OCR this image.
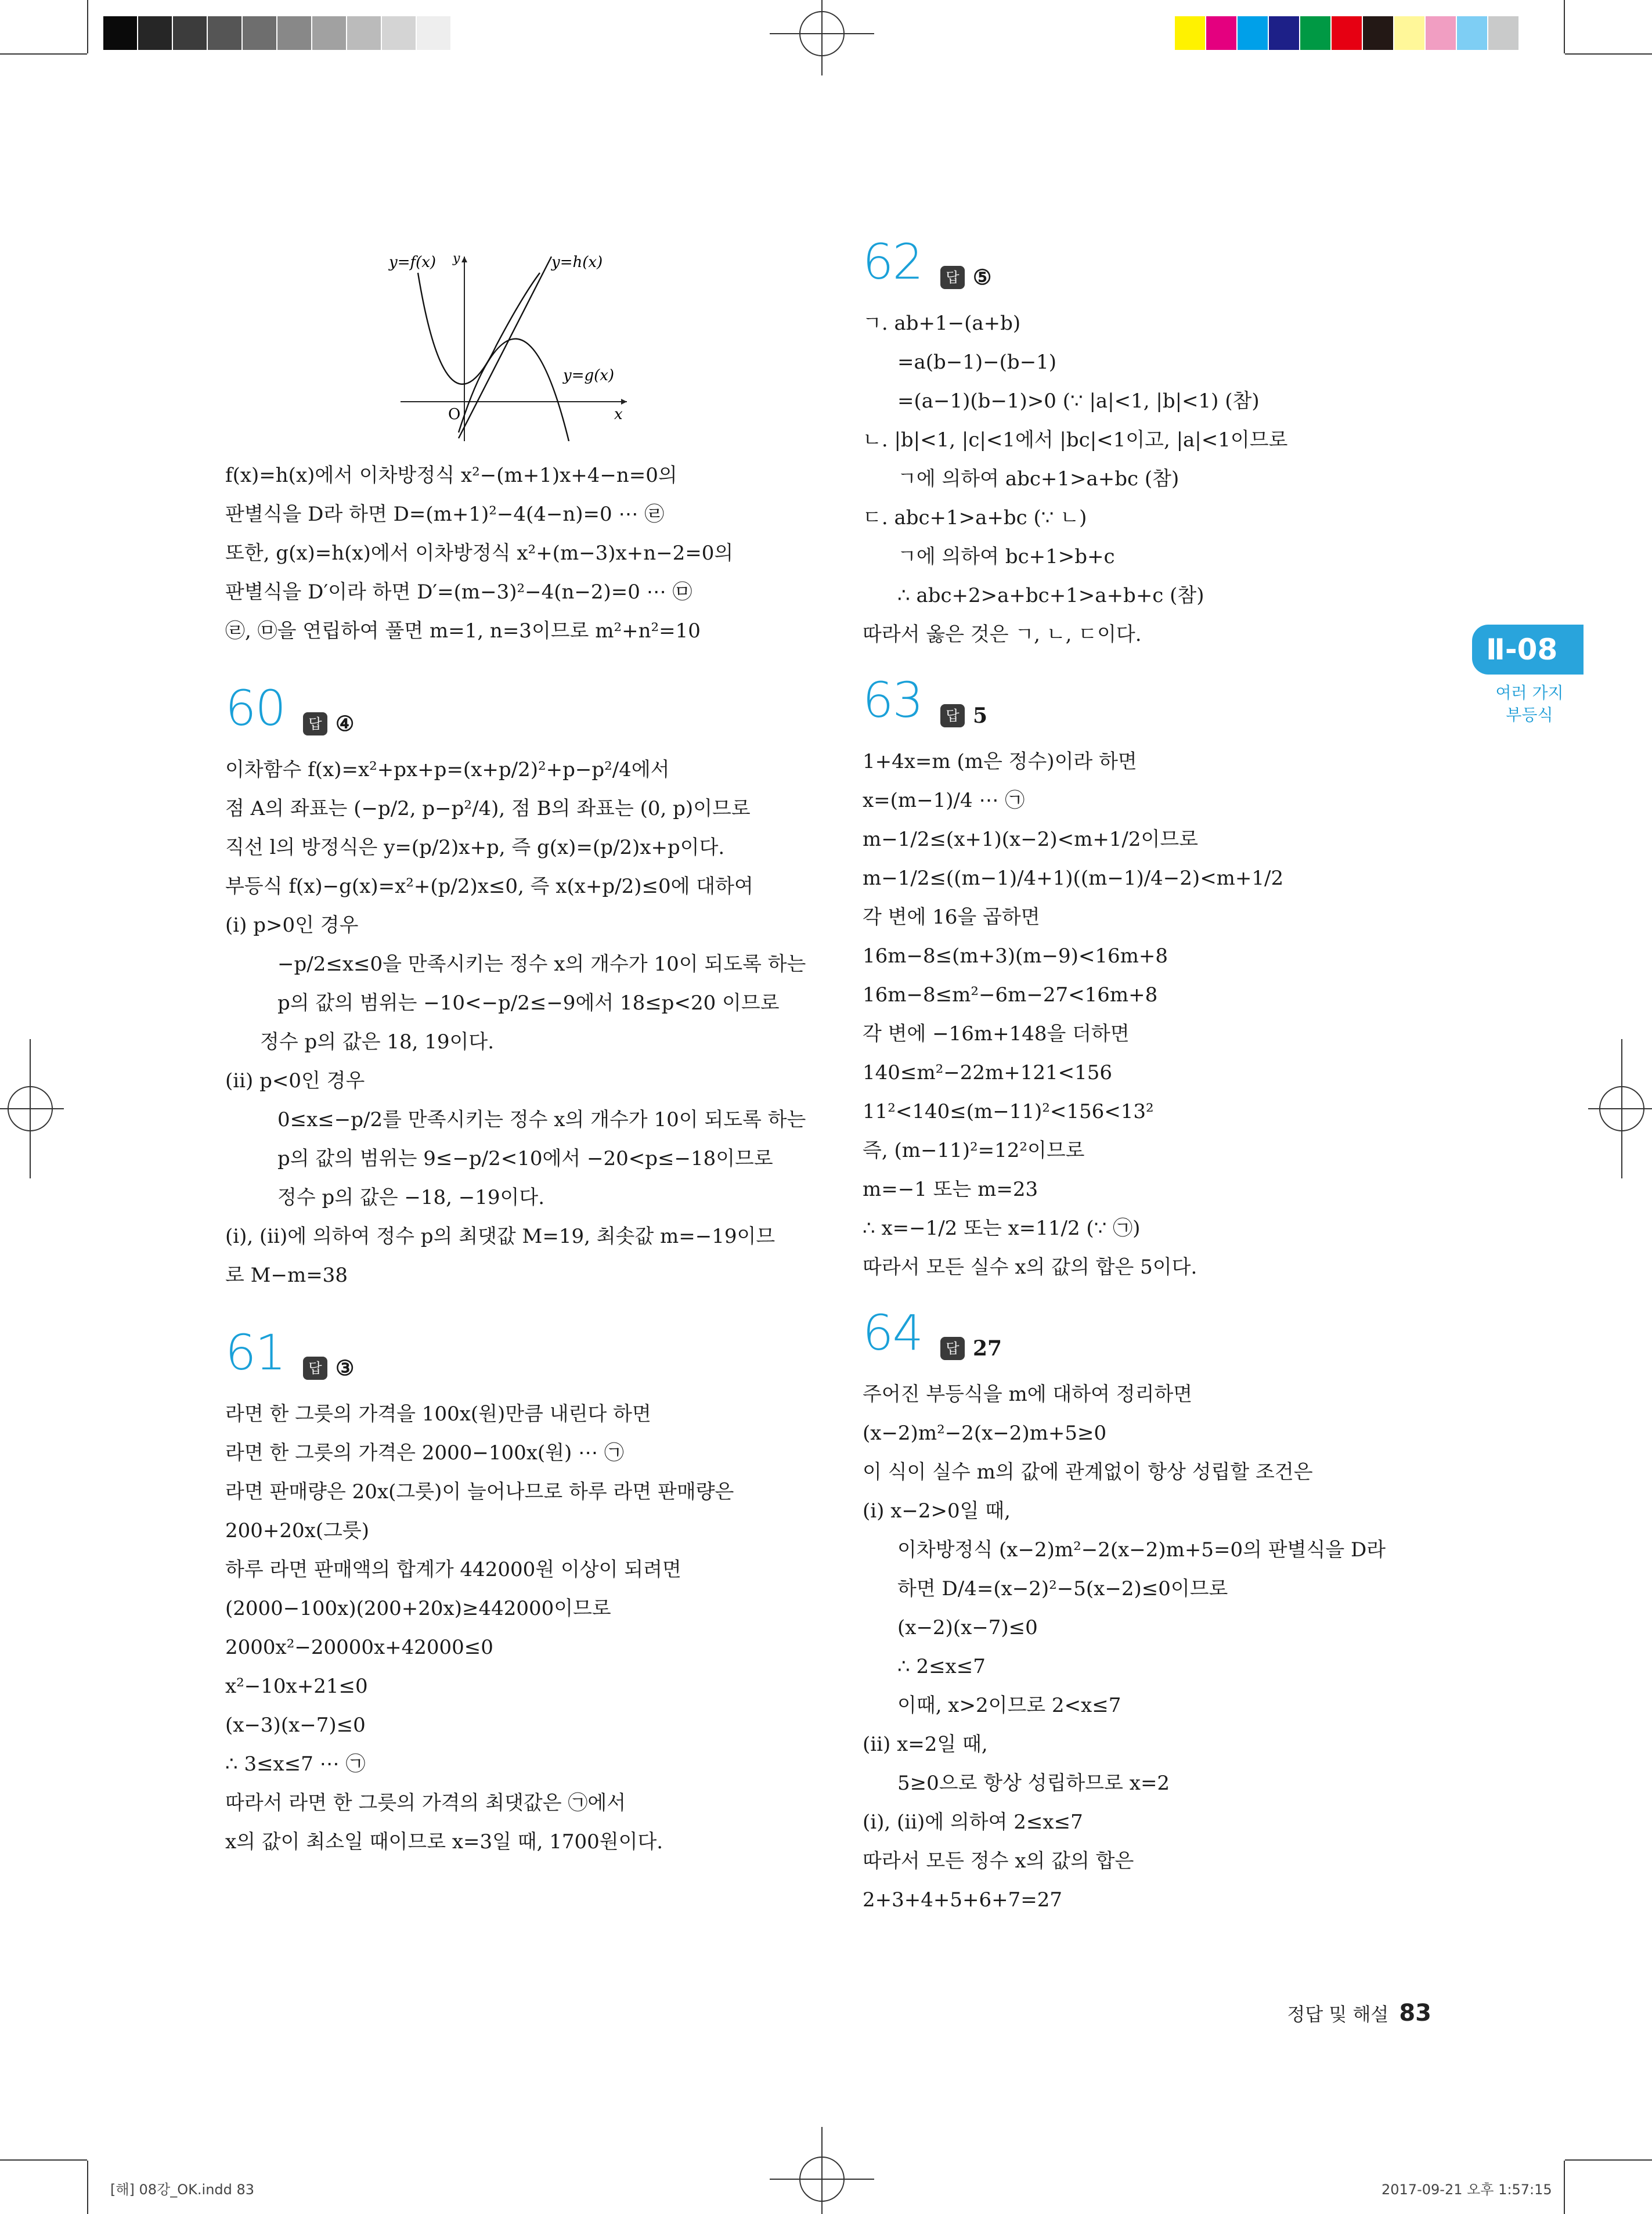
y=f(x) y	y=h(x)
y=g(x)
O	x
f(x)=h(x)에서 이차방정식 x²−(m+1)x+4−n=0의
판별식을 D라 하면 D=(m+1)²−4(4−n)=0 ⋯ ㉣
또한, g(x)=h(x)에서 이차방정식 x²+(m−3)x+n−2=0의
판별식을 D′이라 하면 D′=(m−3)²−4(n−2)=0 ⋯ ㉤
㉣, ㉤을 연립하여 풀면 m=1, n=3이므로 m²+n²=10
60	답 ④
이차함수 f(x)=x²+px+p=(x+p/2)²+p−p²/4에서
점 A의 좌표는 (−p/2, p−p²/4), 점 B의 좌표는 (0, p)이므로
직선 l의 방정식은 y=(p/2)x+p, 즉 g(x)=(p/2)x+p이다.
부등식 f(x)−g(x)=x²+(p/2)x≤0, 즉 x(x+p/2)≤0에 대하여
(ⅰ) p>0인 경우
−p/2≤x≤0을 만족시키는 정수 x의 개수가 10이 되도록 하는
p의 값의 범위는 −10<−p/2≤−9에서 18≤p<20 이므로
정수 p의 값은 18, 19이다.
(ⅱ) p<0인 경우
0≤x≤−p/2를 만족시키는 정수 x의 개수가 10이 되도록 하는
p의 값의 범위는 9≤−p/2<10에서 −20<p≤−18이므로
정수 p의 값은 −18, −19이다.
(ⅰ), (ⅱ)에 의하여 정수 p의 최댓값 M=19, 최솟값 m=−19이므
로 M−m=38
61	답 ③
라면 한 그릇의 가격을 100x(원)만큼 내린다 하면
라면 한 그릇의 가격은 2000−100x(원) ⋯ ㉠
라면 판매량은 20x(그릇)이 늘어나므로 하루 라면 판매량은
200+20x(그릇)
하루 라면 판매액의 합계가 442000원 이상이 되려면
(2000−100x)(200+20x)≥442000이므로
2000x²−20000x+42000≤0
x²−10x+21≤0
(x−3)(x−7)≤0
∴ 3≤x≤7 ⋯ ㉠
따라서 라면 한 그릇의 가격의 최댓값은 ㉠에서
x의 값이 최소일 때이므로 x=3일 때, 1700원이다.
62	답 ⑤
ㄱ. ab+1−(a+b)
=a(b−1)−(b−1)
=(a−1)(b−1)>0 (∵ |a|<1, |b|<1) (참)
ㄴ. |b|<1, |c|<1에서 |bc|<1이고, |a|<1이므로
ㄱ에 의하여 abc+1>a+bc (참)
ㄷ. abc+1>a+bc (∵ ㄴ)
ㄱ에 의하여 bc+1>b+c
∴ abc+2>a+bc+1>a+b+c (참)
따라서 옳은 것은 ㄱ, ㄴ, ㄷ이다.
63	답 5
1+4x=m (m은 정수)이라 하면
x=(m−1)/4 ⋯ ㉠
m−1/2≤(x+1)(x−2)<m+1/2이므로
m−1/2≤((m−1)/4+1)((m−1)/4−2)<m+1/2
각 변에 16을 곱하면
16m−8≤(m+3)(m−9)<16m+8
16m−8≤m²−6m−27<16m+8
각 변에 −16m+148을 더하면
140≤m²−22m+121<156
11²<140≤(m−11)²<156<13²
즉, (m−11)²=12²이므로
m=−1 또는 m=23
∴ x=−1/2 또는 x=11/2 (∵ ㉠)
따라서 모든 실수 x의 값의 합은 5이다.
64	답 27
주어진 부등식을 m에 대하여 정리하면
(x−2)m²−2(x−2)m+5≥0
이 식이 실수 m의 값에 관계없이 항상 성립할 조건은
(ⅰ) x−2>0일 때,
이차방정식 (x−2)m²−2(x−2)m+5=0의 판별식을 D라
하면 D/4=(x−2)²−5(x−2)≤0이므로
(x−2)(x−7)≤0
∴ 2≤x≤7
이때, x>2이므로 2<x≤7
(ⅱ) x=2일 때,
5≥0으로 항상 성립하므로 x=2
(ⅰ), (ⅱ)에 의하여 2≤x≤7
따라서 모든 정수 x의 값의 합은
2+3+4+5+6+7=27
Ⅱ-08
여러 가지
부등식
정답 및 해설 83
[해] 08강_OK.indd 83	2017-09-21 오후 1:57:15
